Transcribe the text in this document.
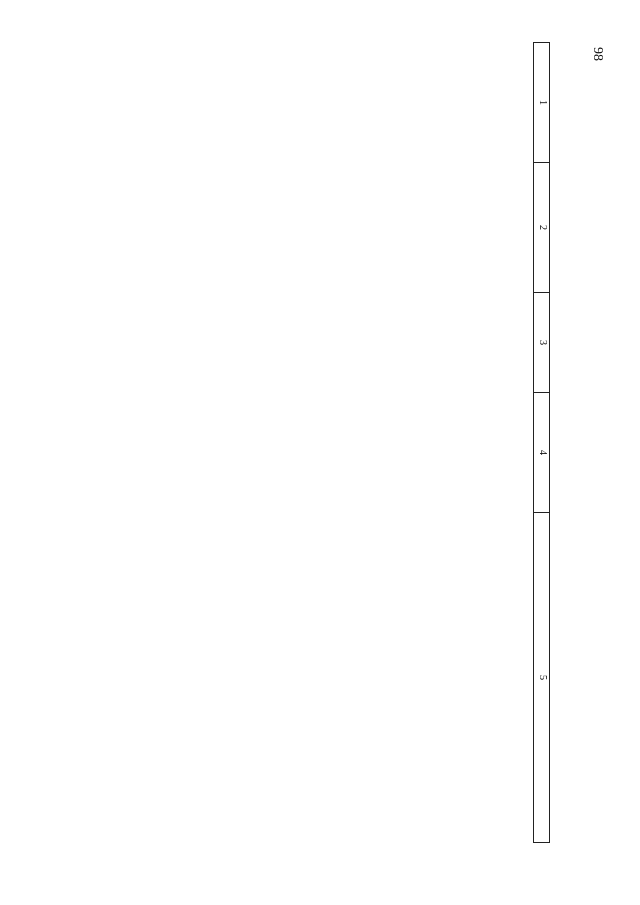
98
1	2	3	4	5
